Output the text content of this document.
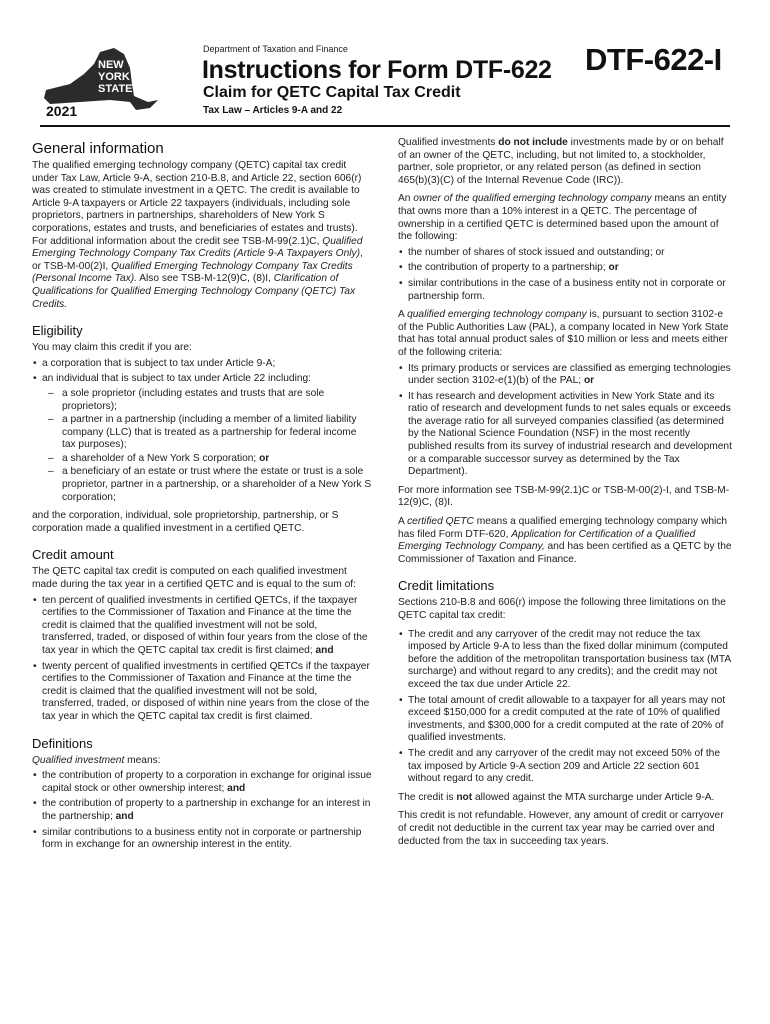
NEW
YORK
STATE
2021
Department of Taxation and Finance
Instructions for Form DTF-622
Claim for QETC Capital Tax Credit
Tax Law – Articles 9-A and 22
DTF-622-I
General information

The qualified emerging technology company (QETC) capital tax credit under Tax Law, Article 9-A, section 210-B.8, and Article 22, section 606(r) was created to stimulate investment in a QETC. The credit is available to Article 9-A taxpayers or Article 22 taxpayers (individuals, including sole proprietors, partners in partnerships, shareholders of New York S corporations, estates and trusts, and beneficiaries of estates and trusts). For additional information about the credit see TSB-M-99(2.1)C, Qualified Emerging Technology Company Tax Credits (Article 9-A Taxpayers Only), or TSB-M-00(2)I, Qualified Emerging Technology Company Tax Credits (Personal Income Tax). Also see TSB-M-12(9)C, (8)I, Clarification of Qualifications for Qualified Emerging Technology Company (QETC) Tax Credits.

Eligibility

You may claim this credit if you are:

• a corporation that is subject to tax under Article 9-A;
• an individual that is subject to tax under Article 22 including:
– a sole proprietor (including estates and trusts that are sole proprietors);
– a partner in a partnership (including a member of a limited liability company (LLC) that is treated as a partnership for federal income tax purposes);
– a shareholder of a New York S corporation; or
– a beneficiary of an estate or trust where the estate or trust is a sole proprietor, partner in a partnership, or a shareholder of a New York S corporation;

and the corporation, individual, sole proprietorship, partnership, or S corporation made a qualified investment in a certified QETC.

Credit amount

The QETC capital tax credit is computed on each qualified investment made during the tax year in a certified QETC and is equal to the sum of:

• ten percent of qualified investments in certified QETCs, if the taxpayer certifies to the Commissioner of Taxation and Finance at the time the credit is claimed that the qualified investment will not be sold, transferred, traded, or disposed of within four years from the close of the tax year in which the QETC capital tax credit is first claimed; and
• twenty percent of qualified investments in certified QETCs if the taxpayer certifies to the Commissioner of Taxation and Finance at the time the credit is claimed that the qualified investment will not be sold, transferred, traded, or disposed of within nine years from the close of the tax year in which the QETC capital tax credit is first claimed.
Definitions

Qualified investment means:

• the contribution of property to a corporation in exchange for original issue capital stock or other ownership interest; and
• the contribution of property to a partnership in exchange for an interest in the partnership; and
• similar contributions to a business entity not in corporate or partnership form in exchange for an ownership interest in the entity.

Qualified investments do not include investments made by or on behalf of an owner of the QETC, including, but not limited to, a stockholder, partner, sole proprietor, or any related person (as defined in section 465(b)(3)(C) of the Internal Revenue Code (IRC)).

An owner of the qualified emerging technology company means an entity that owns more than a 10% interest in a QETC. The percentage of ownership in a certified QETC is determined based upon the amount of the following:

• the number of shares of stock issued and outstanding; or
• the contribution of property to a partnership; or
• similar contributions in the case of a business entity not in corporate or partnership form.

A qualified emerging technology company is, pursuant to section 3102-e of the Public Authorities Law (PAL), a company located in New York State that has total annual product sales of $10 million or less and meets either of the following criteria:

• Its primary products or services are classified as emerging technologies under section 3102-e(1)(b) of the PAL; or
• It has research and development activities in New York State and its ratio of research and development funds to net sales equals or exceeds the average ratio for all surveyed companies classified (as determined by the National Science Foundation (NSF) in the most recently published results from its survey of industrial research and development or a comparable successor survey as determined by the Tax Department).

For more information see TSB-M-99(2.1)C or TSB-M-00(2)-I, and TSB-M-12(9)C, (8)I.

A certified QETC means a qualified emerging technology company which has filed Form DTF-620, Application for Certification of a Qualified Emerging Technology Company, and has been certified as a QETC by the Commissioner of Taxation and Finance.

Credit limitations

Sections 210-B.8 and 606(r) impose the following three limitations on the QETC capital tax credit:

• The credit and any carryover of the credit may not reduce the tax imposed by Article 9-A to less than the fixed dollar minimum (computed before the addition of the metropolitan transportation business tax (MTA surcharge) and without regard to any credits); and the credit may not exceed the tax due under Article 22.
• The total amount of credit allowable to a taxpayer for all years may not exceed $150,000 for a credit computed at the rate of 10% of qualified investments, and $300,000 for a credit computed at the rate of 20% of qualified investments.
• The credit and any carryover of the credit may not exceed 50% of the tax imposed by Article 9-A section 209 and Article 22 section 601 without regard to any credit.

The credit is not allowed against the MTA surcharge under Article 9-A.

This credit is not refundable. However, any amount of credit or carryover of credit not deductible in the current tax year may be carried over and deducted from the tax in succeeding tax years.
